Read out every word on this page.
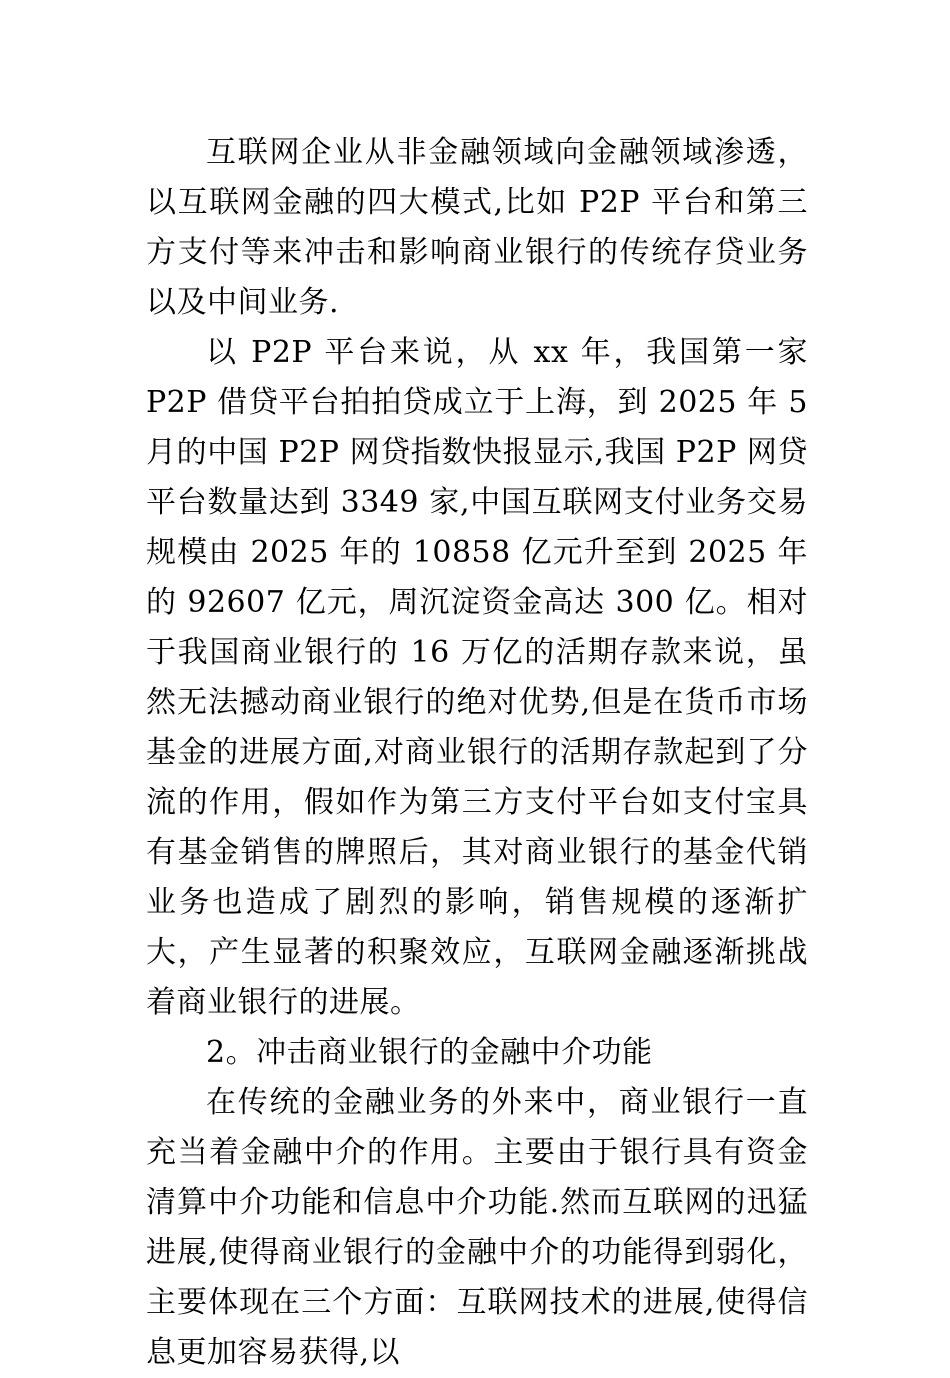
互联网企业从非金融领域向金融领域渗透，以互联网金融的四大模式,比如 P2P 平台和第三方支付等来冲击和影响商业银行的传统存贷业务以及中间业务.

以 P2P 平台来说，从 xx 年，我国第一家 P2P 借贷平台拍拍贷成立于上海，到 2025 年 5 月的中国 P2P 网贷指数快报显示,我国 P2P 网贷平台数量达到 3349 家,中国互联网支付业务交易规模由 2025 年的 10858 亿元升至到 2025 年的 92607 亿元，周沉淀资金高达 300 亿。相对于我国商业银行的 16 万亿的活期存款来说，虽然无法撼动商业银行的绝对优势,但是在货币市场基金的进展方面,对商业银行的活期存款起到了分流的作用，假如作为第三方支付平台如支付宝具有基金销售的牌照后，其对商业银行的基金代销业务也造成了剧烈的影响，销售规模的逐渐扩大，产生显著的积聚效应，互联网金融逐渐挑战着商业银行的进展。

2。冲击商业银行的金融中介功能

在传统的金融业务的外来中，商业银行一直充当着金融中介的作用。主要由于银行具有资金清算中介功能和信息中介功能.然而互联网的迅猛进展,使得商业银行的金融中介的功能得到弱化，主要体现在三个方面：互联网技术的进展,使得信息更加容易获得,以
